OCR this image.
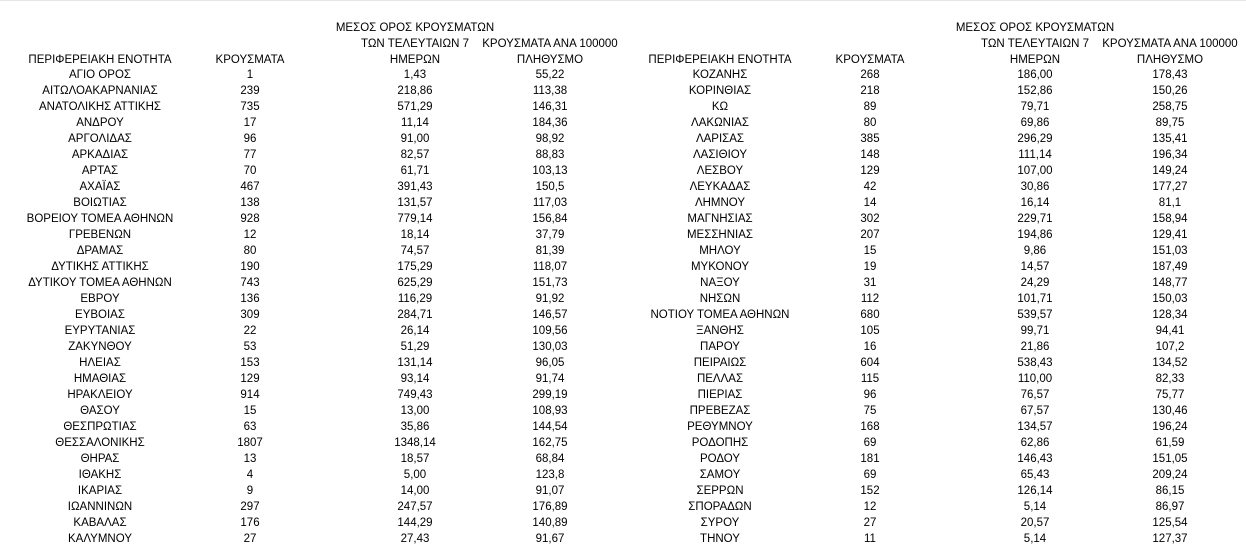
ΠΕΡΙΦΕΡΕΙΑΚΗ ΕΝΟΤΗΤΑ	ΚΡΟΥΣΜΑΤΑ
ΜΕΣΟΣ ΟΡΟΣ ΚΡΟΥΣΜΑΤΩΝ
ΤΩΝ ΤΕΛΕΥΤΑΙΩΝ 7
ΗΜΕΡΩΝ
ΚΡΟΥΣΜΑΤΑ ΑΝΑ 100000
ΠΛΗΘΥΣΜΟ
ΑΓΙΟ ΟΡΟΣ	1	1,43	55,22
ΑΙΤΩΛΟΑΚΑΡΝΑΝΙΑΣ	239	218,86	113,38
ΑΝΑΤΟΛΙΚΗΣ ΑΤΤΙΚΗΣ	735	571,29	146,31
ΑΝΔΡΟΥ	17	11,14	184,36
ΑΡΓΟΛΙΔΑΣ	96	91,00	98,92
ΑΡΚΑΔΙΑΣ	77	82,57	88,83
ΑΡΤΑΣ	70	61,71	103,13
ΑΧΑΪΑΣ	467	391,43	150,5
ΒΟΙΩΤΙΑΣ	138	131,57	117,03
ΒΟΡΕΙΟΥ ΤΟΜΕΑ ΑΘΗΝΩΝ	928	779,14	156,84
ΓΡΕΒΕΝΩΝ	12	18,14	37,79
ΔΡΑΜΑΣ	80	74,57	81,39
ΔΥΤΙΚΗΣ ΑΤΤΙΚΗΣ	190	175,29	118,07
ΔΥΤΙΚΟΥ ΤΟΜΕΑ ΑΘΗΝΩΝ	743	625,29	151,73
ΕΒΡΟΥ	136	116,29	91,92
ΕΥΒΟΙΑΣ	309	284,71	146,57
ΕΥΡΥΤΑΝΙΑΣ	22	26,14	109,56
ΖΑΚΥΝΘΟΥ	53	51,29	130,03
ΗΛΕΙΑΣ	153	131,14	96,05
ΗΜΑΘΙΑΣ	129	93,14	91,74
ΗΡΑΚΛΕΙΟΥ	914	749,43	299,19
ΘΑΣΟΥ	15	13,00	108,93
ΘΕΣΠΡΩΤΙΑΣ	63	35,86	144,54
ΘΕΣΣΑΛΟΝΙΚΗΣ	1807	1348,14	162,75
ΘΗΡΑΣ	13	18,57	68,84
ΙΘΑΚΗΣ	4	5,00	123,8
ΙΚΑΡΙΑΣ	9	14,00	91,07
ΙΩΑΝΝΙΝΩΝ	297	247,57	176,89
ΚΑΒΑΛΑΣ	176	144,29	140,89
ΚΑΛΥΜΝΟΥ	27	27,43	91,67
ΠΕΡΙΦΕΡΕΙΑΚΗ ΕΝΟΤΗΤΑ	ΚΡΟΥΣΜΑΤΑ
ΜΕΣΟΣ ΟΡΟΣ ΚΡΟΥΣΜΑΤΩΝ
ΤΩΝ ΤΕΛΕΥΤΑΙΩΝ 7
ΗΜΕΡΩΝ
ΚΡΟΥΣΜΑΤΑ ΑΝΑ 100000
ΠΛΗΘΥΣΜΟ
ΚΟΖΑΝΗΣ	268	186,00	178,43
ΚΟΡΙΝΘΙΑΣ	218	152,86	150,26
ΚΩ	89	79,71	258,75
ΛΑΚΩΝΙΑΣ	80	69,86	89,75
ΛΑΡΙΣΑΣ	385	296,29	135,41
ΛΑΣΙΘΙΟΥ	148	111,14	196,34
ΛΕΣΒΟΥ	129	107,00	149,24
ΛΕΥΚΑΔΑΣ	42	30,86	177,27
ΛΗΜΝΟΥ	14	16,14	81,1
ΜΑΓΝΗΣΙΑΣ	302	229,71	158,94
ΜΕΣΣΗΝΙΑΣ	207	194,86	129,41
ΜΗΛΟΥ	15	9,86	151,03
ΜΥΚΟΝΟΥ	19	14,57	187,49
ΝΑΞΟΥ	31	24,29	148,77
ΝΗΣΩΝ	112	101,71	150,03
ΝΟΤΙΟΥ ΤΟΜΕΑ ΑΘΗΝΩΝ	680	539,57	128,34
ΞΑΝΘΗΣ	105	99,71	94,41
ΠΑΡΟΥ	16	21,86	107,2
ΠΕΙΡΑΙΩΣ	604	538,43	134,52
ΠΕΛΛΑΣ	115	110,00	82,33
ΠΙΕΡΙΑΣ	96	76,57	75,77
ΠΡΕΒΕΖΑΣ	75	67,57	130,46
ΡΕΘΥΜΝΟΥ	168	134,57	196,24
ΡΟΔΟΠΗΣ	69	62,86	61,59
ΡΟΔΟΥ	181	146,43	151,05
ΣΑΜΟΥ	69	65,43	209,24
ΣΕΡΡΩΝ	152	126,14	86,15
ΣΠΟΡΑΔΩΝ	12	5,14	86,97
ΣΥΡΟΥ	27	20,57	125,54
ΤΗΝΟΥ	11	5,14	127,37
